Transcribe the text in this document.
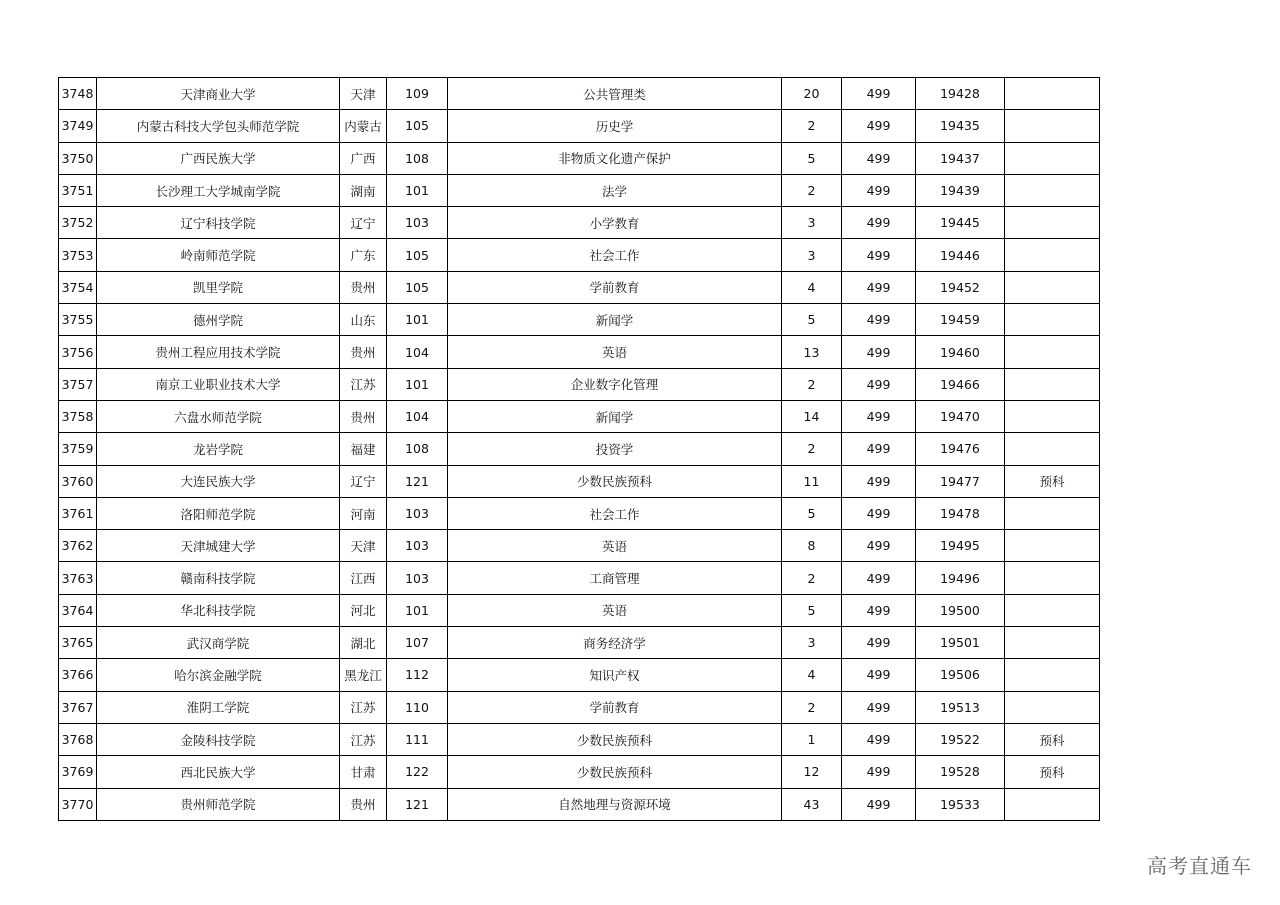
3748	天津商业大学	天津	109	公共管理类	20	499	19428	
3749	内蒙古科技大学包头师范学院	内蒙古	105	历史学	2	499	19435	
3750	广西民族大学	广西	108	非物质文化遗产保护	5	499	19437	
3751	长沙理工大学城南学院	湖南	101	法学	2	499	19439	
3752	辽宁科技学院	辽宁	103	小学教育	3	499	19445	
3753	岭南师范学院	广东	105	社会工作	3	499	19446	
3754	凯里学院	贵州	105	学前教育	4	499	19452	
3755	德州学院	山东	101	新闻学	5	499	19459	
3756	贵州工程应用技术学院	贵州	104	英语	13	499	19460	
3757	南京工业职业技术大学	江苏	101	企业数字化管理	2	499	19466	
3758	六盘水师范学院	贵州	104	新闻学	14	499	19470	
3759	龙岩学院	福建	108	投资学	2	499	19476	
3760	大连民族大学	辽宁	121	少数民族预科	11	499	19477	预科
3761	洛阳师范学院	河南	103	社会工作	5	499	19478	
3762	天津城建大学	天津	103	英语	8	499	19495	
3763	赣南科技学院	江西	103	工商管理	2	499	19496	
3764	华北科技学院	河北	101	英语	5	499	19500	
3765	武汉商学院	湖北	107	商务经济学	3	499	19501	
3766	哈尔滨金融学院	黑龙江	112	知识产权	4	499	19506	
3767	淮阴工学院	江苏	110	学前教育	2	499	19513	
3768	金陵科技学院	江苏	111	少数民族预科	1	499	19522	预科
3769	西北民族大学	甘肃	122	少数民族预科	12	499	19528	预科
3770	贵州师范学院	贵州	121	自然地理与资源环境	43	499	19533	
高考直通车
